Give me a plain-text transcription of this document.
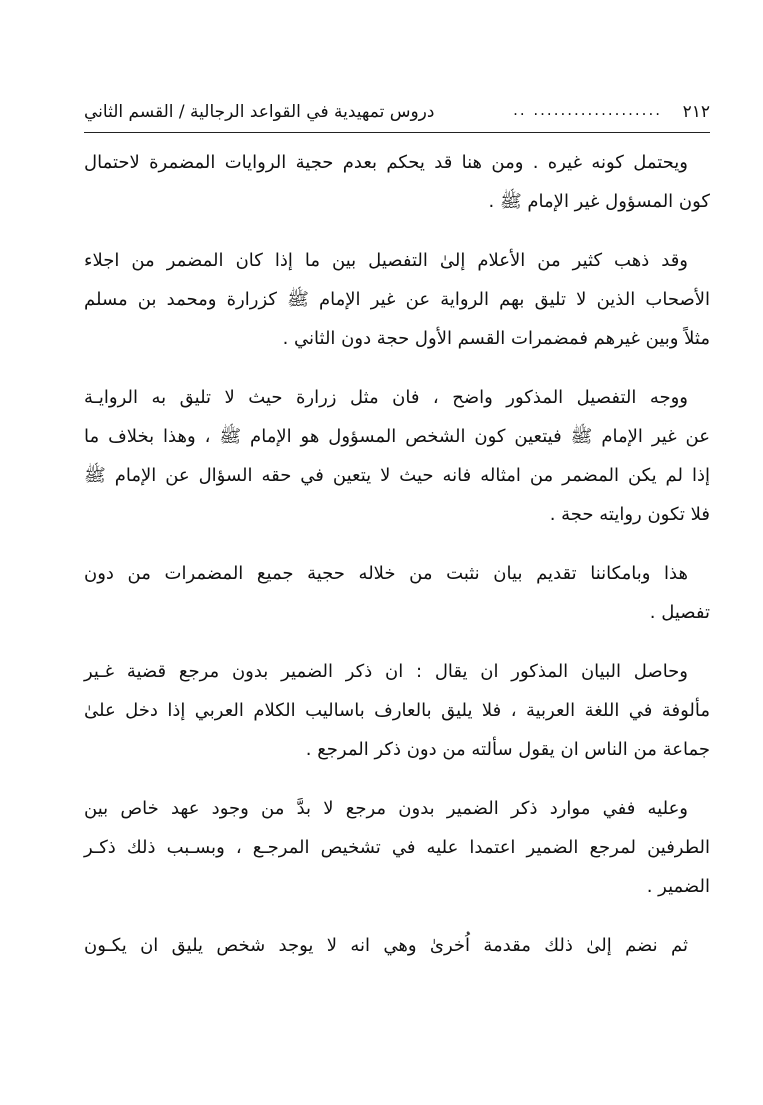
٢١٢
................... ..
دروس تمهيدية في القواعد الرجالية / القسم الثاني
ويحتمل كونه غيره . ومن هنا قد يحكم بعدم حجية الروايات المضمرة لاحتمال
كون المسؤول غير الإمام ﷺ .
وقد ذهب كثير من الأعلام إلىٰ التفصيل بين ما إذا كان المضمر من اجلاء
الأصحاب الذين لا تليق بهم الرواية عن غير الإمام ﷺ كزرارة ومحمد بن مسلم
مثلاً وبين غيرهم فمضمرات القسم الأول حجة دون الثاني .
ووجه التفصيل المذكور واضح ، فان مثل زرارة حيث لا تليق به الروايـة
عن غير الإمام ﷺ فيتعين كون الشخص المسؤول هو الإمام ﷺ ، وهذا بخلاف ما
إذا لم يكن المضمر من امثاله فانه حيث لا يتعين في حقه السؤال عن الإمام ﷺ
فلا تكون روايته حجة .
هذا وبامكاننا تقديم بيان نثبت من خلاله حجية جميع المضمرات من دون
تفصيل .
وحاصل البيان المذكور ان يقال : ان ذكر الضمير بدون مرجع قضية غـير
مألوفة في اللغة العربية ، فلا يليق بالعارف باساليب الكلام العربي إذا دخل علىٰ
جماعة من الناس ان يقول سألته من دون ذكر المرجع .
وعليه ففي موارد ذكر الضمير بدون مرجع لا بدَّ من وجود عهد خاص بين
الطرفين لمرجع الضمير اعتمدا عليه في تشخيص المرجـع ، وبسـبب ذلك ذكـر
الضمير .
ثم نضم إلىٰ ذلك مقدمة اُخرىٰ وهي انه لا يوجد شخص يليق ان يكـون
